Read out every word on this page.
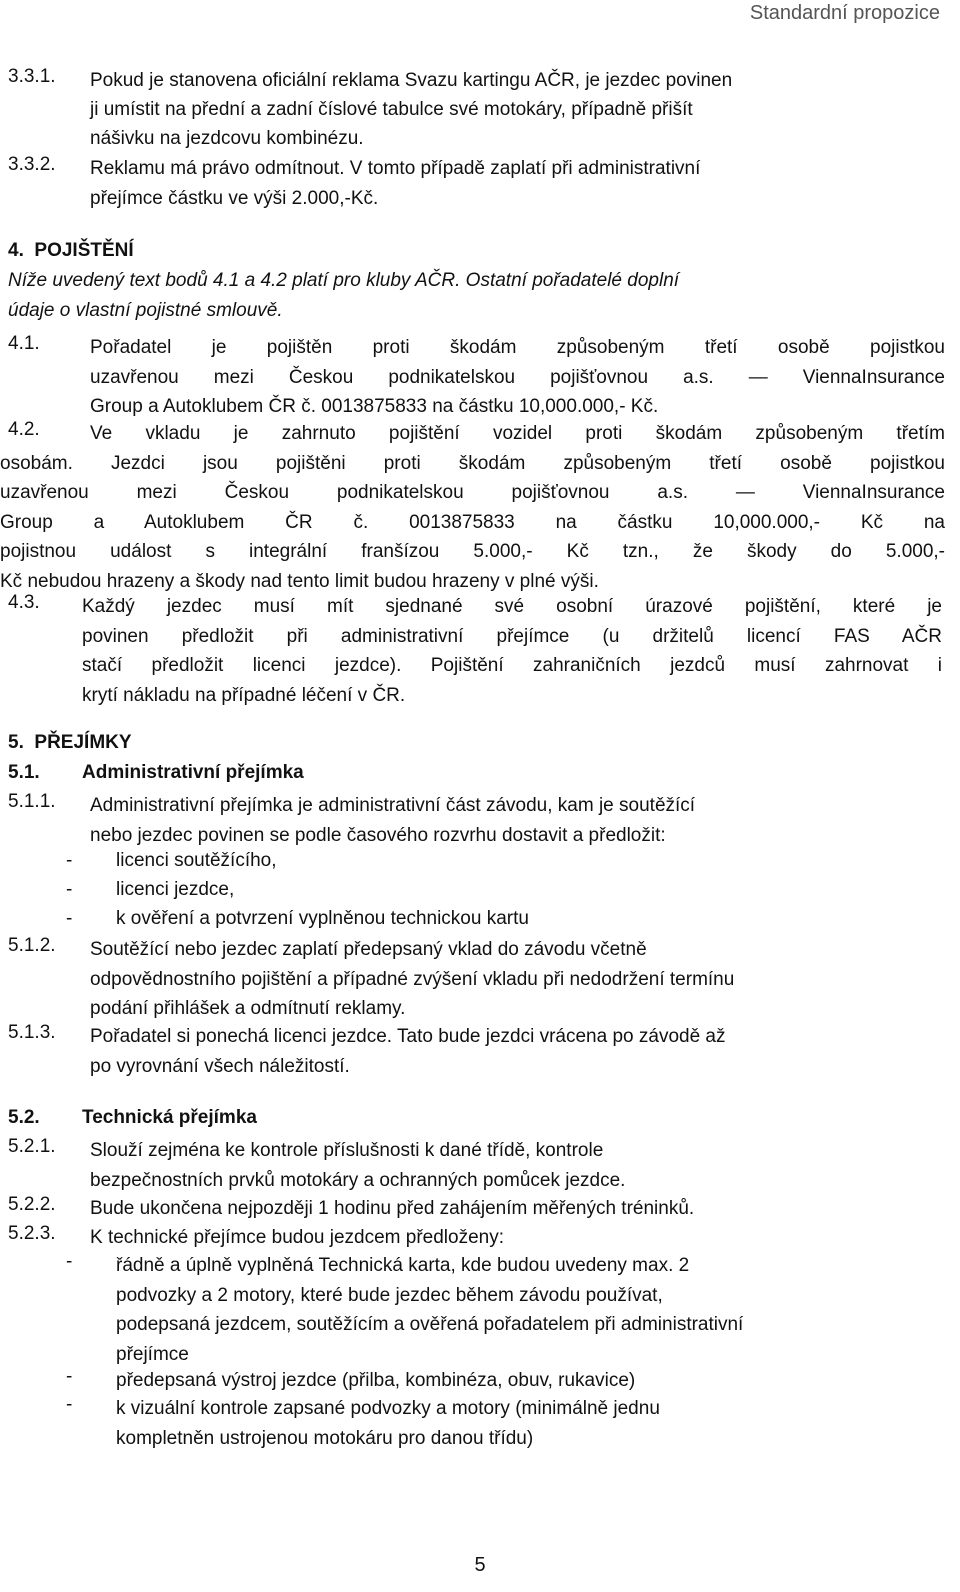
Standardní propozice
3.3.1. Pokud je stanovena oficiální reklama Svazu kartingu AČR, je jezdec povinen
ji umístit na přední a zadní číslové tabulce své motokáry, případně přišít
nášivku na jezdcovu kombinézu.
3.3.2. Reklamu má právo odmítnout. V tomto případě zaplatí při administrativní
přejímce částku ve výši 2.000,-Kč.
4.  POJIŠTĚNÍ
Níže uvedený text bodů 4.1 a 4.2 platí pro kluby AČR. Ostatní pořadatelé doplní
údaje o vlastní pojistné smlouvě.
4.1.	Pořadatel je pojištěn proti škodám způsobeným třetí osobě pojistkou
uzavřenou mezi Českou podnikatelskou pojišťovnou a.s. — ViennaInsurance
Group a Autoklubem ČR č. 0013875833 na částku 10,000.000,- Kč.
4.2.	Ve vkladu je zahrnuto pojištění vozidel proti škodám způsobeným třetím
osobám. Jezdci jsou pojištěni proti škodám způsobeným třetí osobě pojistkou
uzavřenou mezi Českou podnikatelskou pojišťovnou a.s. — ViennaInsurance
Group a Autoklubem ČR č. 0013875833 na částku 10,000.000,- Kč na
pojistnou událost s integrální franšízou 5.000,- Kč tzn., že škody do 5.000,-
Kč nebudou hrazeny a škody nad tento limit budou hrazeny v plné výši.
4.3. Každý jezdec musí mít sjednané své osobní úrazové pojištění, které je
povinen předložit při administrativní přejímce (u držitelů licencí FAS AČR
stačí předložit licenci jezdce). Pojištění zahraničních jezdců musí zahrnovat i
krytí nákladu na případné léčení v ČR.
5.  PŘEJÍMKY
5.1. Administrativní přejímka
5.1.1. Administrativní přejímka je administrativní část závodu, kam je soutěžící
nebo jezdec povinen se podle časového rozvrhu dostavit a předložit:
- licenci soutěžícího,
- licenci jezdce,
- k ověření a potvrzení vyplněnou technickou kartu
5.1.2. Soutěžící nebo jezdec zaplatí předepsaný vklad do závodu včetně
odpovědnostního pojištění a případné zvýšení vkladu při nedodržení termínu
podání přihlášek a odmítnutí reklamy.
5.1.3. Pořadatel si ponechá licenci jezdce. Tato bude jezdci vrácena po závodě až
po vyrovnání všech náležitostí.
5.2. Technická přejímka
5.2.1. Slouží zejména ke kontrole příslušnosti k dané třídě, kontrole
bezpečnostních prvků motokáry a ochranných pomůcek jezdce.
5.2.2. Bude ukončena nejpozději 1 hodinu před zahájením měřených tréninků.
5.2.3. K technické přejímce budou jezdcem předloženy:
- řádně a úplně vyplněná Technická karta, kde budou uvedeny max. 2
podvozky a 2 motory, které bude jezdec během závodu používat,
podepsaná jezdcem, soutěžícím a ověřená pořadatelem při administrativní
přejímce
- předepsaná výstroj jezdce (přilba, kombinéza, obuv, rukavice)
- k vizuální kontrole zapsané podvozky a motory (minimálně jednu
kompletněn ustrojenou motokáru pro danou třídu)
5
